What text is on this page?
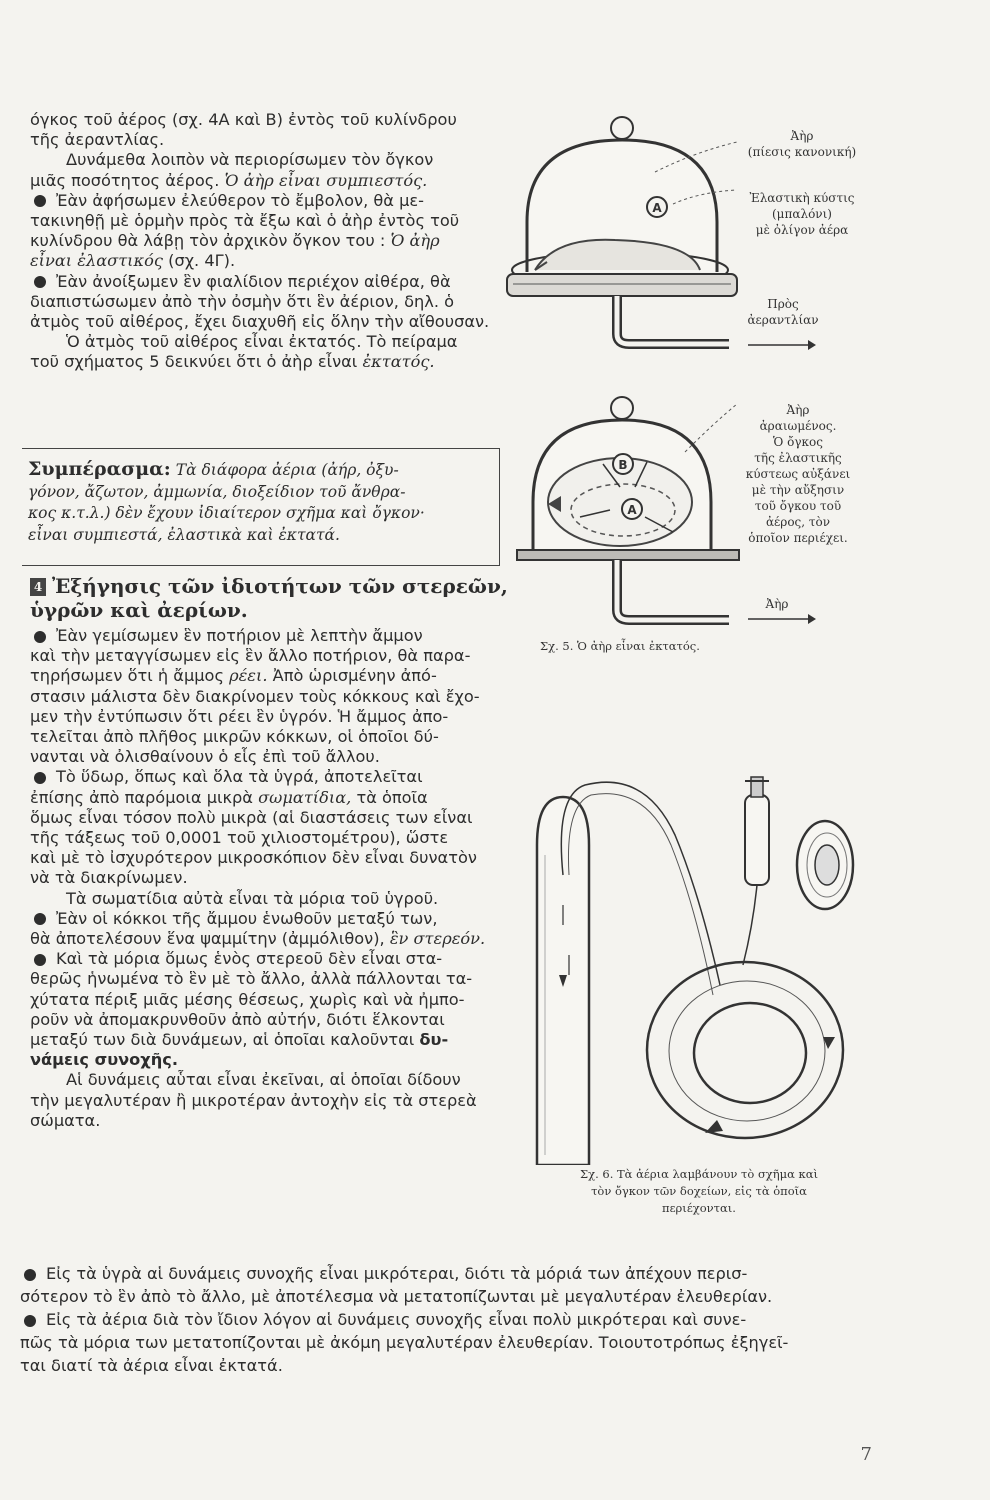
όγκος τοῦ ἀέρος (σχ. 4Α καὶ Β) ἐντὸς τοῦ κυλίνδρου

τῆς ἀεραντλίας.

Δυνάμεθα λοιπὸν νὰ περιορίσωμεν τὸν ὄγκον

μιᾶς ποσότητος ἀέρος. Ὁ ἀὴρ εἶναι συμπιεστός.

Ἐὰν ἀφήσωμεν ἐλεύθερον τὸ ἔμβολον, θὰ με-

τακινηθῇ μὲ ὁρμὴν πρὸς τὰ ἔξω καὶ ὁ ἀὴρ ἐντὸς τοῦ

κυλίνδρου θὰ λάβῃ τὸν ἀρχικὸν ὄγκον του : Ὁ ἀὴρ

εἶναι ἐλαστικός (σχ. 4Γ).

Ἐὰν ἀνοίξωμεν ἓν φιαλίδιον περιέχον αἰθέρα, θὰ

διαπιστώσωμεν ἀπὸ τὴν ὀσμὴν ὅτι ἓν ἀέριον, δηλ. ὁ

ἀτμὸς τοῦ αἰθέρος, ἔχει διαχυθῆ εἰς ὅλην τὴν αἴθουσαν.

Ὁ ἀτμὸς τοῦ αἰθέρος εἶναι ἐκτατός. Τὸ πείραμα

τοῦ σχήματος 5 δεικνύει ὅτι ὁ ἀὴρ εἶναι ἐκτατός.

Συμπέρασμα: Τὰ διάφορα ἀέρια (ἀήρ, ὀξυ-
γόνον, ἄζωτον, ἀμμωνία, διοξείδιον τοῦ ἄνθρα-
κος κ.τ.λ.) δὲν ἔχουν ἰδιαίτερον σχῆμα καὶ ὄγκον·
εἶναι συμπιεστά, ἐλαστικὰ καὶ ἐκτατά.
4 Ἐξήγησις τῶν ἰδιοτήτων τῶν στερεῶν,
ὑγρῶν καὶ ἀερίων.

Ἐὰν γεμίσωμεν ἓν ποτήριον μὲ λεπτὴν ἄμμον

καὶ τὴν μεταγγίσωμεν εἰς ἓν ἄλλο ποτήριον, θὰ παρα-

τηρήσωμεν ὅτι ἡ ἄμμος ρέει. Ἀπὸ ὡρισμένην ἀπό-

στασιν μάλιστα δὲν διακρίνομεν τοὺς κόκκους καὶ ἔχο-

μεν τὴν ἐντύπωσιν ὅτι ρέει ἓν ὑγρόν. Ἡ ἄμμος ἀπο-

τελεῖται ἀπὸ πλῆθος μικρῶν κόκκων, οἱ ὁποῖοι δύ-

νανται νὰ ὀλισθαίνουν ὁ εἷς ἐπὶ τοῦ ἄλλου.

Τὸ ὕδωρ, ὅπως καὶ ὅλα τὰ ὑγρά, ἀποτελεῖται

ἐπίσης ἀπὸ παρόμοια μικρὰ σωματίδια, τὰ ὁποῖα

ὅμως εἶναι τόσον πολὺ μικρὰ (αἱ διαστάσεις των εἶναι

τῆς τάξεως τοῦ 0,0001 τοῦ χιλιοστομέτρου), ὥστε

καὶ μὲ τὸ ἰσχυρότερον μικροσκόπιον δὲν εἶναι δυνατὸν

νὰ τὰ διακρίνωμεν.

Τὰ σωματίδια αὐτὰ εἶναι τὰ μόρια τοῦ ὑγροῦ.

Ἐὰν οἱ κόκκοι τῆς ἄμμου ἑνωθοῦν μεταξύ των,

θὰ ἀποτελέσουν ἕνα ψαμμίτην (ἀμμόλιθον), ἓν στερεόν.

Καὶ τὰ μόρια ὅμως ἑνὸς στερεοῦ δὲν εἶναι στα-

θερῶς ἡνωμένα τὸ ἓν μὲ τὸ ἄλλο, ἀλλὰ πάλλονται τα-

χύτατα πέριξ μιᾶς μέσης θέσεως, χωρὶς καὶ νὰ ἠμπο-

ροῦν νὰ ἀπομακρυνθοῦν ἀπὸ αὐτήν, διότι ἕλκονται

μεταξύ των διὰ δυνάμεων, αἱ ὁποῖαι καλοῦνται δυ-

νάμεις συνοχῆς.

Αἱ δυνάμεις αὗται εἶναι ἐκεῖναι, αἱ ὁποῖαι δίδουν

τὴν μεγαλυτέραν ἢ μικροτέραν ἀντοχὴν εἰς τὰ στερεὰ

σώματα.

Εἰς τὰ ὑγρὰ αἱ δυνάμεις συνοχῆς εἶναι μικρότεραι, διότι τὰ μόριά των ἀπέχουν περισ-

σότερον τὸ ἓν ἀπὸ τὸ ἄλλο, μὲ ἀποτέλεσμα νὰ μετατοπίζωνται μὲ μεγαλυτέραν ἐλευθερίαν.

Εἰς τὰ ἀέρια διὰ τὸν ἴδιον λόγον αἱ δυνάμεις συνοχῆς εἶναι πολὺ μικρότεραι καὶ συνε-

πῶς τὰ μόρια των μετατοπίζονται μὲ ἀκόμη μεγαλυτέραν ἐλευθερίαν. Τοιουτοτρόπως ἐξηγεῖ-

ται διατί τὰ ἀέρια εἶναι ἐκτατά.

A
B
A
Ἀὴρ
(πίεσις κανονική)
Ἐλαστικὴ κύστις
(μπαλόνι)
μὲ ὀλίγον ἀέρα
Πρὸς
ἀεραντλίαν
Ἀὴρ
ἀραιωμένος.
Ὁ ὄγκος
τῆς ἐλαστικῆς
κύστεως αὐξάνει
μὲ τὴν αὔξησιν
τοῦ ὄγκου τοῦ
ἀέρος, τὸν
ὁποῖον περιέχει.
Ἀὴρ
Σχ. 5. Ὁ ἀὴρ εἶναι ἐκτατός.
Σχ. 6. Τὰ ἀέρια λαμβάνουν τὸ σχῆμα καὶ
τὸν ὄγκον τῶν δοχείων, εἰς τὰ ὁποῖα
περιέχονται.
7
